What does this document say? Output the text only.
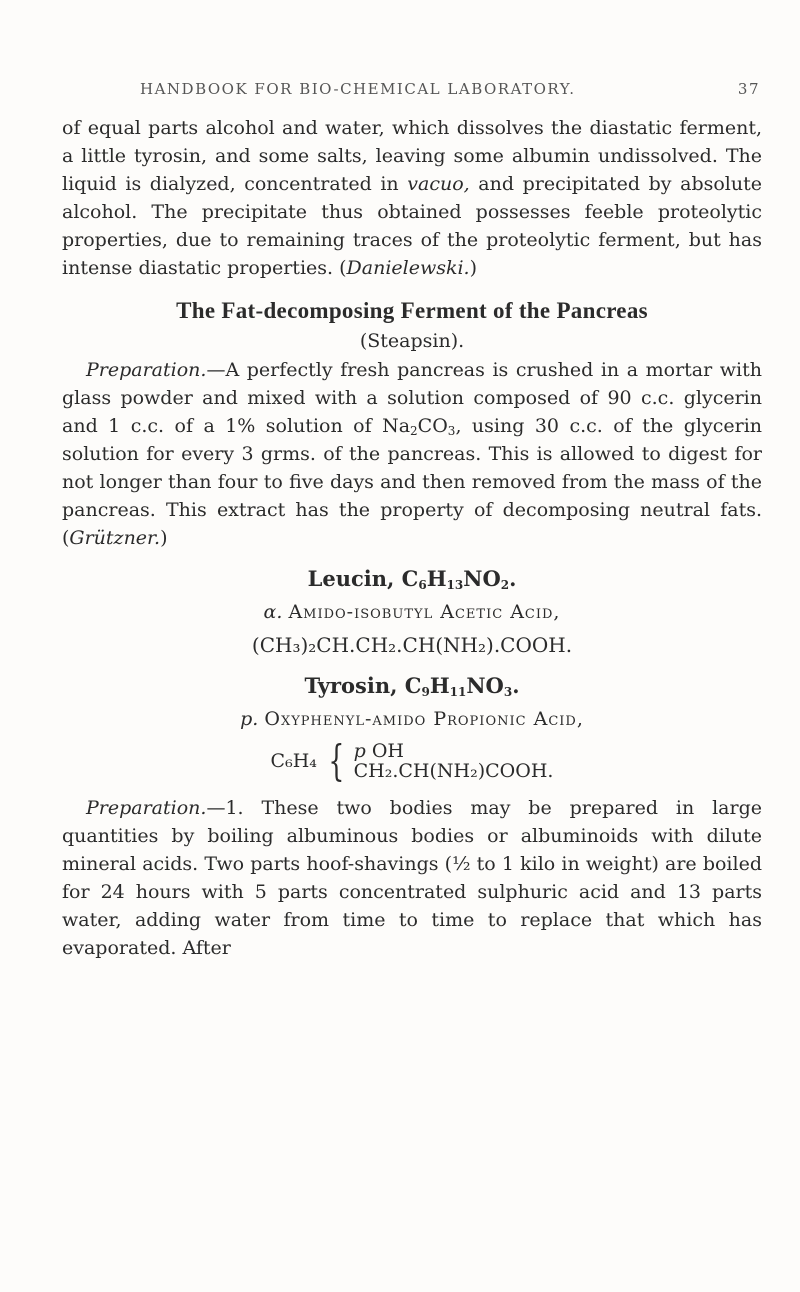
HANDBOOK FOR BIO-CHEMICAL LABORATORY.	37

of equal parts alcohol and water, which dissolves the diastatic ferment, a little tyrosin, and some salts, leaving some albumin undissolved. The liquid is dialyzed, concentrated in vacuo, and precipitated by absolute alcohol. The precipitate thus obtained possesses feeble proteolytic properties, due to remaining traces of the proteolytic ferment, but has intense diastatic properties. (Danielewski.)

The Fat-decomposing Ferment of the Pancreas
(Steapsin).

Preparation.—A perfectly fresh pancreas is crushed in a mortar with glass powder and mixed with a solution composed of 90 c.c. glycerin and 1 c.c. of a 1% solution of $Na_2CO_3$, using 30 c.c. of the glycerin solution for every 3 grms. of the pancreas. This is allowed to digest for not longer than four to five days and then removed from the mass of the pancreas. This extract has the property of decomposing neutral fats. (Grützner.)

Leucin, $C_6H_{13}NO_2$.
α. Amido-isobutyl Acetic Acid,
(CH₃)₂CH.CH₂.CH(NH₂).COOH.
Tyrosin, $C_9H_{11}NO_3$.
p. Oxyphenyl-amido Propionic Acid,
C₆H₄ { p OH
CH₂.CH(NH₂)COOH.

Preparation.—1. These two bodies may be prepared in large quantities by boiling albuminous bodies or albuminoids with dilute mineral acids. Two parts hoof-shavings (½ to 1 kilo in weight) are boiled for 24 hours with 5 parts concentrated sulphuric acid and 13 parts water, adding water from time to time to replace that which has evaporated. After
